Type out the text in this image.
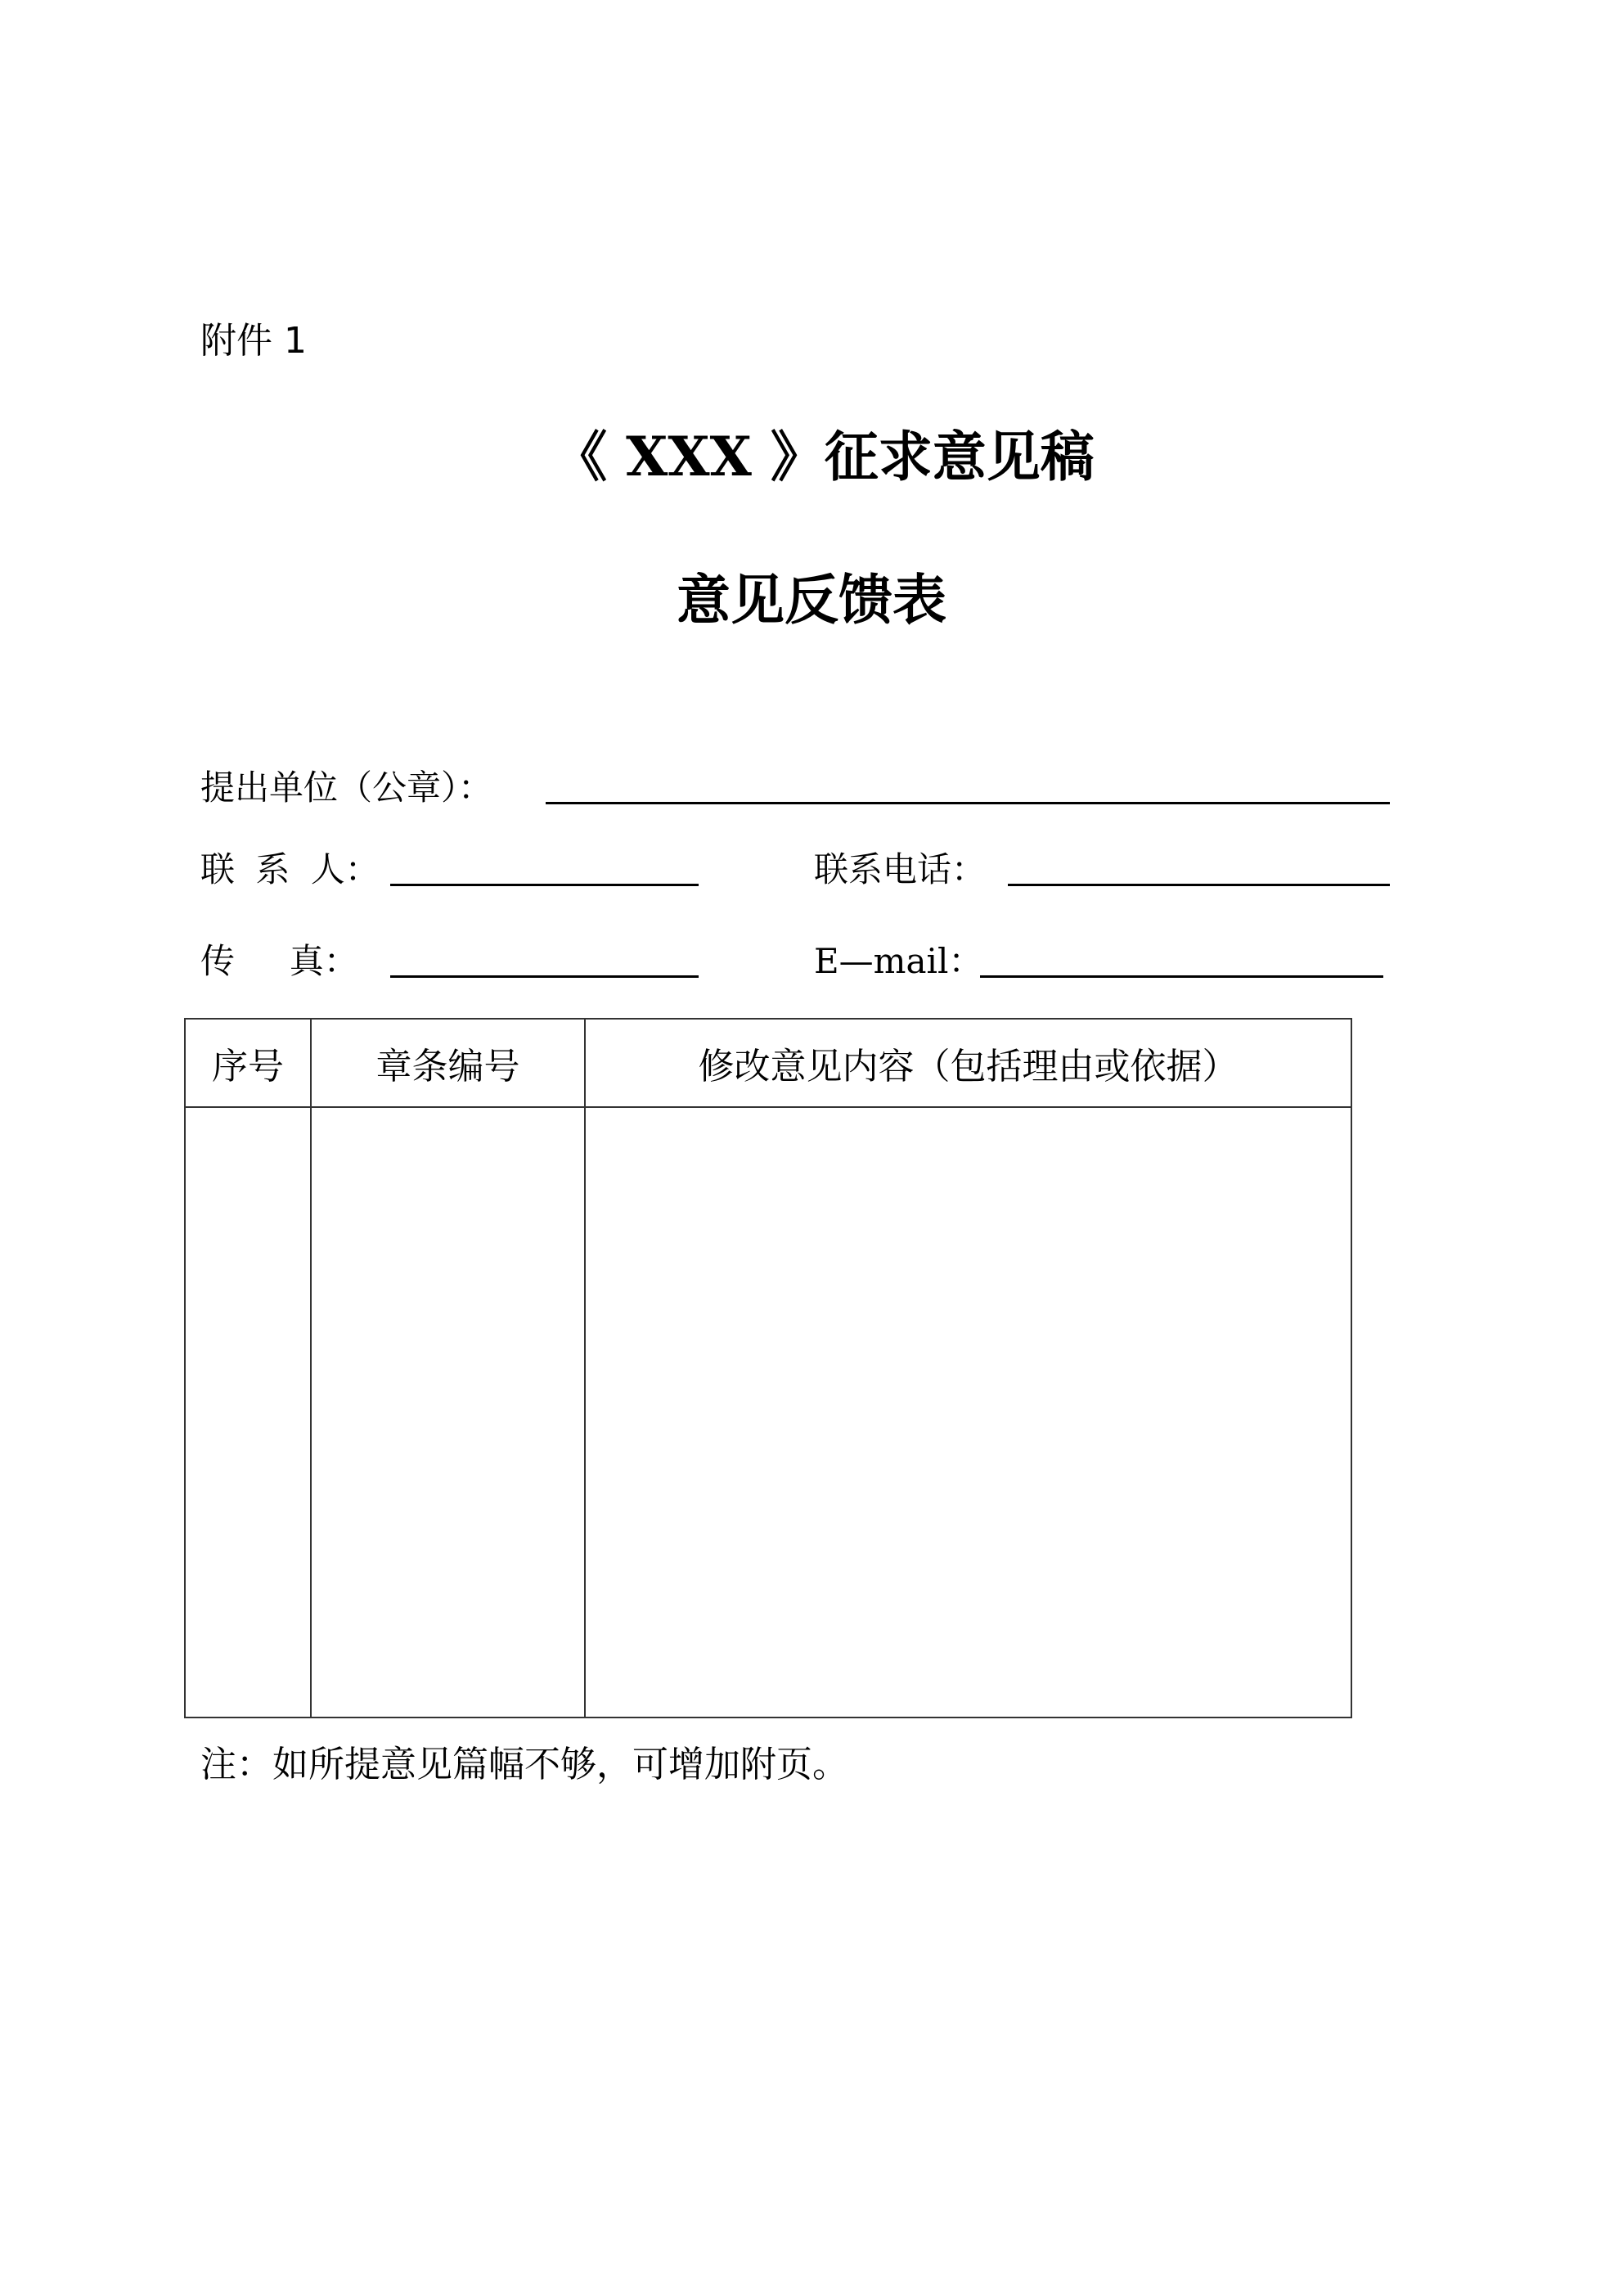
附件 1
《 XXX 》征求意见稿
意见反馈表
提出单位（公章）：
联 系 人：	联系电话：
传     真：	E—mail：
序号	章条编号	修改意见内容（包括理由或依据）

注：如所提意见篇幅不够，可增加附页。
